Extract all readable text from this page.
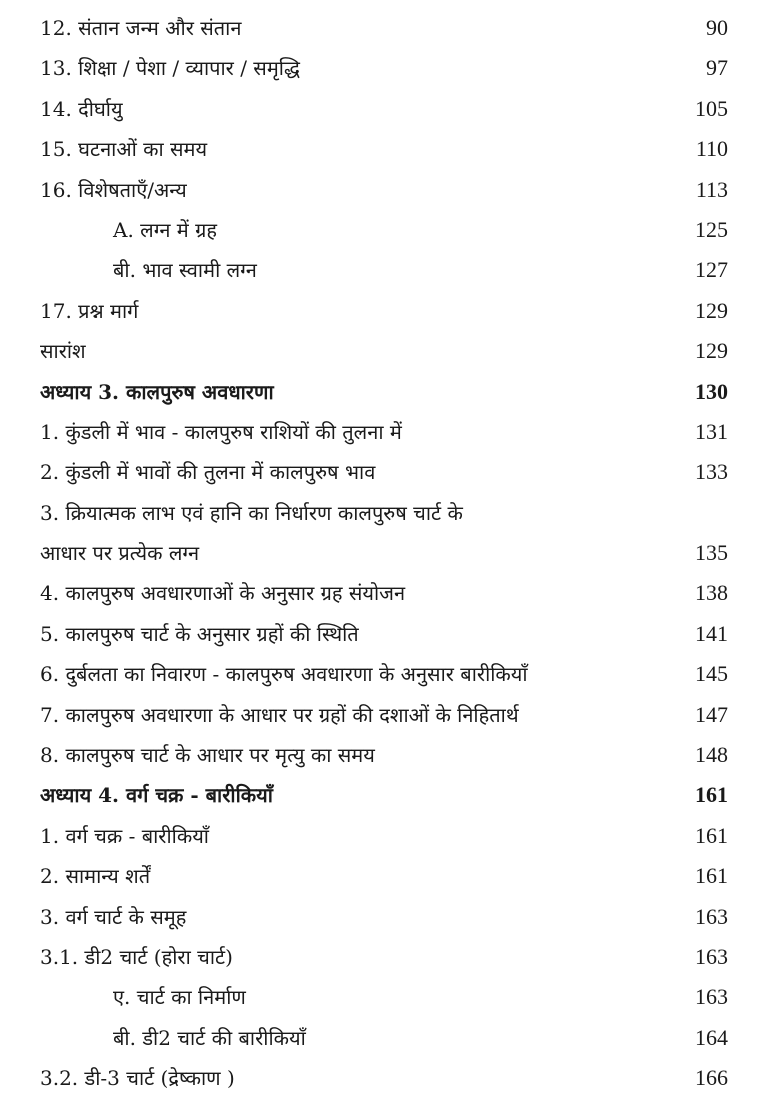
12. संतान जन्म और संतान	90
13. शिक्षा / पेशा / व्यापार / समृद्धि	97
14. दीर्घायु	105
15. घटनाओं का समय	110
16. विशेषताएँ/अन्य	113
A. लग्न में ग्रह	125
बी. भाव स्वामी लग्न	127
17. प्रश्न मार्ग	129
सारांश	129
अध्याय 3. कालपुरुष अवधारणा	130
1. कुंडली में भाव - कालपुरुष राशियों की तुलना में	131
2. कुंडली में भावों की तुलना में कालपुरुष भाव	133
3. क्रियात्मक लाभ एवं हानि का निर्धारण कालपुरुष चार्ट के
आधार पर प्रत्येक लग्न	135
4. कालपुरुष अवधारणाओं के अनुसार ग्रह संयोजन	138
5. कालपुरुष चार्ट के अनुसार ग्रहों की स्थिति	141
6. दुर्बलता का निवारण - कालपुरुष अवधारणा के अनुसार बारीकियाँ	145
7. कालपुरुष अवधारणा के आधार पर ग्रहों की दशाओं के निहितार्थ	147
8. कालपुरुष चार्ट के आधार पर मृत्यु का समय	148
अध्याय 4. वर्ग चक्र - बारीकियाँ	161
1. वर्ग चक्र - बारीकियाँ	161
2. सामान्य शर्तें	161
3. वर्ग चार्ट के समूह	163
3.1. डी2 चार्ट (होरा चार्ट)	163
ए. चार्ट का निर्माण	163
बी. डी2 चार्ट की बारीकियाँ	164
3.2. डी-3 चार्ट (द्रेष्काण )	166
